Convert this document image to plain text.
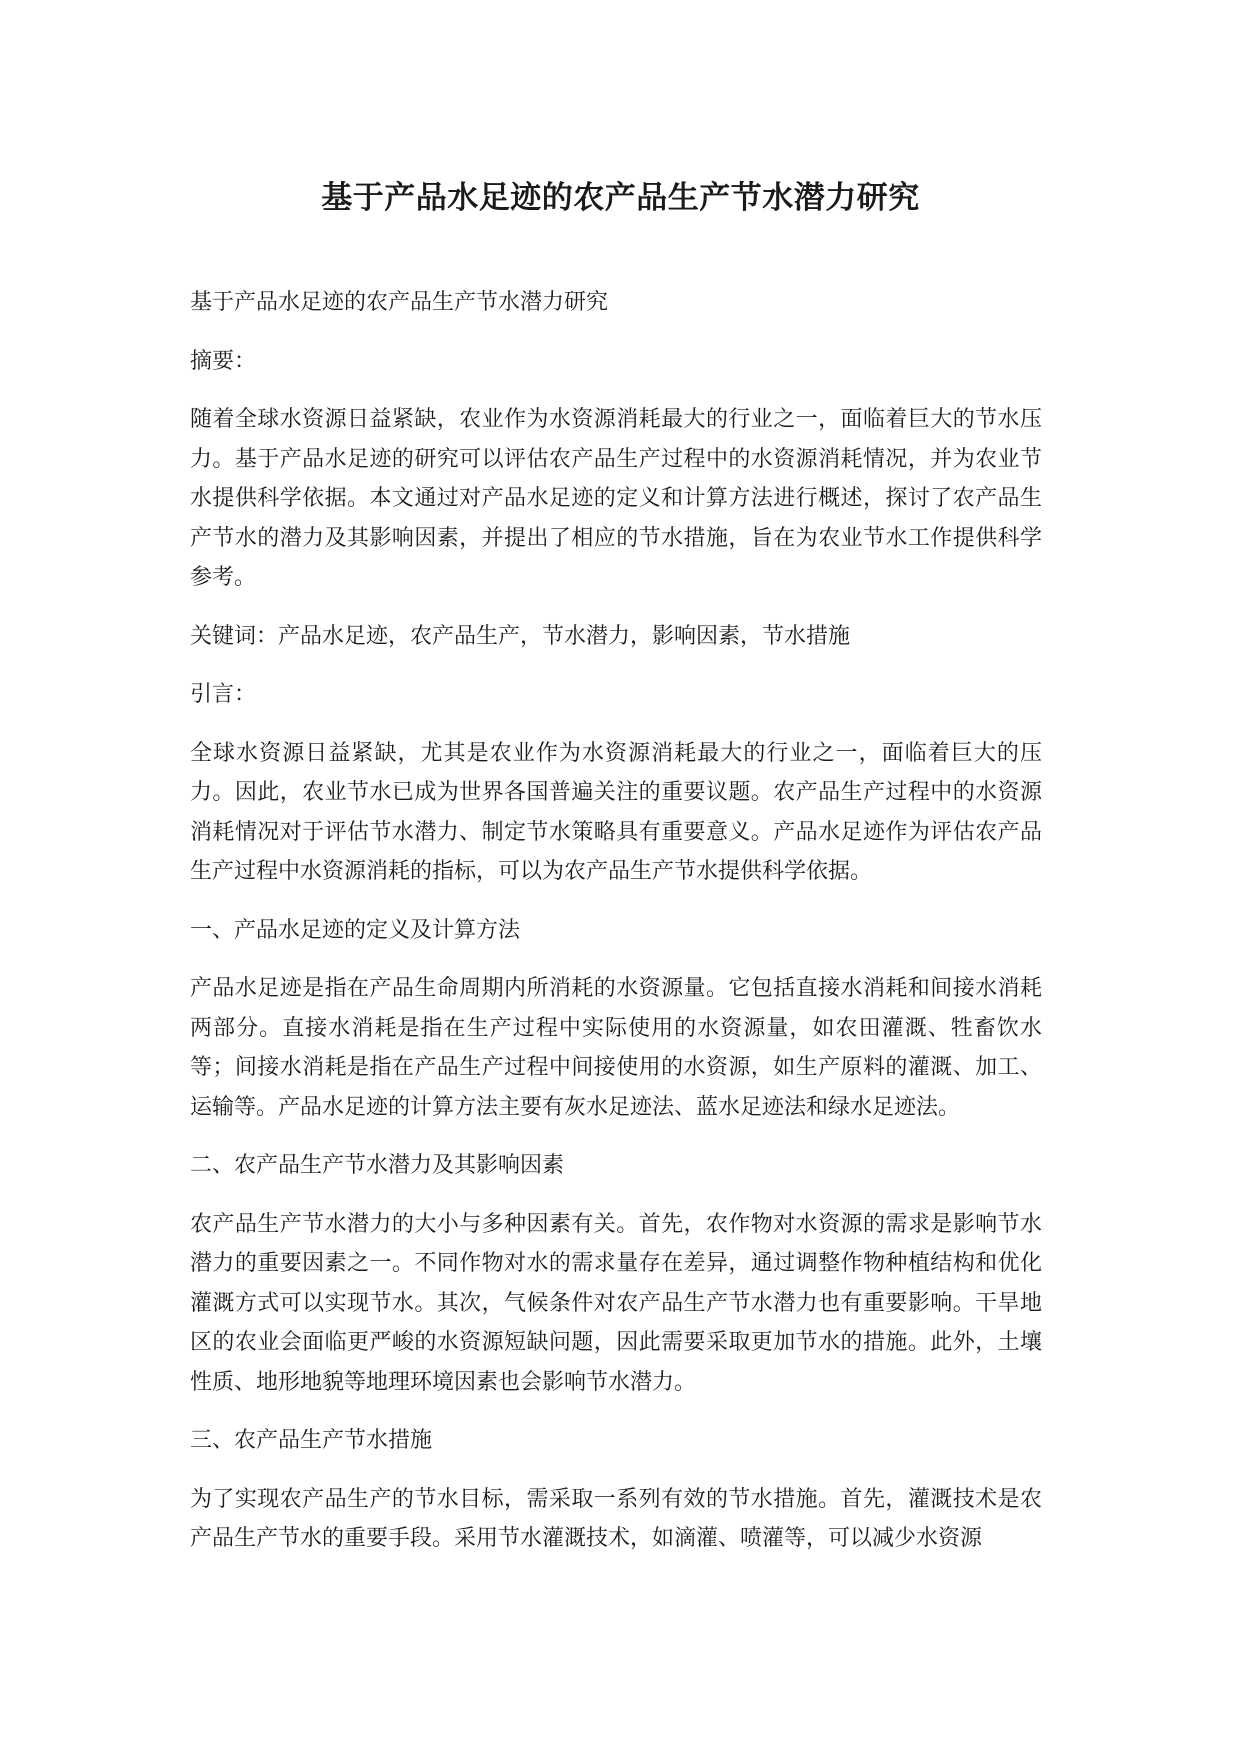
基于产品水足迹的农产品生产节水潜力研究

基于产品水足迹的农产品生产节水潜力研究

摘要：

随着全球水资源日益紧缺，农业作为水资源消耗最大的行业之一，面临着巨大的节水压力。基于产品水足迹的研究可以评估农产品生产过程中的水资源消耗情况，并为农业节水提供科学依据。本文通过对产品水足迹的定义和计算方法进行概述，探讨了农产品生产节水的潜力及其影响因素，并提出了相应的节水措施，旨在为农业节水工作提供科学参考。

关键词：产品水足迹，农产品生产，节水潜力，影响因素，节水措施

引言：

全球水资源日益紧缺，尤其是农业作为水资源消耗最大的行业之一，面临着巨大的压力。因此，农业节水已成为世界各国普遍关注的重要议题。农产品生产过程中的水资源消耗情况对于评估节水潜力、制定节水策略具有重要意义。产品水足迹作为评估农产品生产过程中水资源消耗的指标，可以为农产品生产节水提供科学依据。

一、产品水足迹的定义及计算方法

产品水足迹是指在产品生命周期内所消耗的水资源量。它包括直接水消耗和间接水消耗两部分。直接水消耗是指在生产过程中实际使用的水资源量，如农田灌溉、牲畜饮水等；间接水消耗是指在产品生产过程中间接使用的水资源，如生产原料的灌溉、加工、运输等。产品水足迹的计算方法主要有灰水足迹法、蓝水足迹法和绿水足迹法。

二、农产品生产节水潜力及其影响因素

农产品生产节水潜力的大小与多种因素有关。首先，农作物对水资源的需求是影响节水潜力的重要因素之一。不同作物对水的需求量存在差异，通过调整作物种植结构和优化灌溉方式可以实现节水。其次，气候条件对农产品生产节水潜力也有重要影响。干旱地区的农业会面临更严峻的水资源短缺问题，因此需要采取更加节水的措施。此外，土壤性质、地形地貌等地理环境因素也会影响节水潜力。

三、农产品生产节水措施

为了实现农产品生产的节水目标，需采取一系列有效的节水措施。首先，灌溉技术是农产品生产节水的重要手段。采用节水灌溉技术，如滴灌、喷灌等，可以减少水资源
